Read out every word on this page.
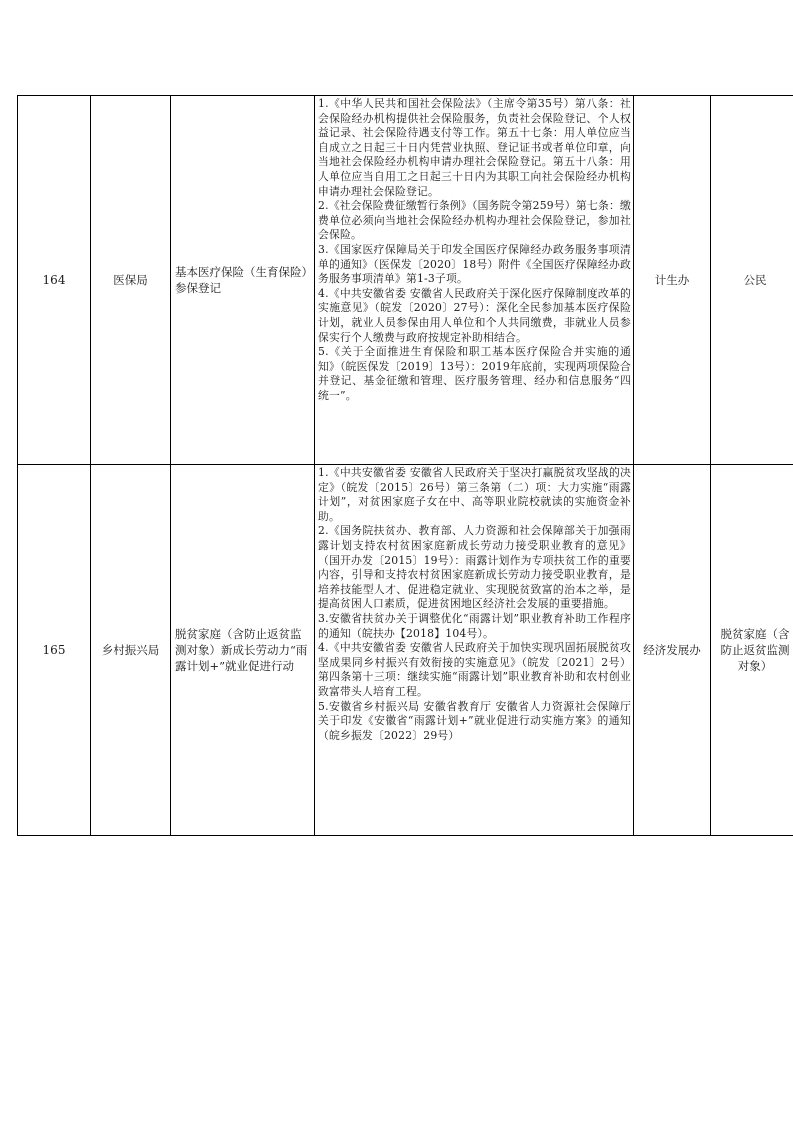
164	医保局	基本医疗保险（生育保险）参保登记	1.《中华人民共和国社会保险法》（主席令第35号）第八条：社会保险经办机构提供社会保险服务，负责社会保险登记、个人权益记录、社会保险待遇支付等工作。第五十七条：用人单位应当自成立之日起三十日内凭营业执照、登记证书或者单位印章，向当地社会保险经办机构申请办理社会保险登记。第五十八条：用人单位应当自用工之日起三十日内为其职工向社会保险经办机构申请办理社会保险登记。

2.《社会保险费征缴暂行条例》（国务院令第259号）第七条：缴费单位必须向当地社会保险经办机构办理社会保险登记，参加社会保险。

3.《国家医疗保障局关于印发全国医疗保障经办政务服务事项清单的通知》（医保发〔2020〕18号）附件《全国医疗保障经办政务服务事项清单》第1-3子项。

4.《中共安徽省委 安徽省人民政府关于深化医疗保障制度改革的实施意见》（皖发〔2020〕27号）：深化全民参加基本医疗保险计划，就业人员参保由用人单位和个人共同缴费，非就业人员参保实行个人缴费与政府按规定补助相结合。

5.《关于全面推进生育保险和职工基本医疗保险合并实施的通知》（皖医保发〔2019〕13号）：2019年底前，实现两项保险合并登记、基金征缴和管理、医疗服务管理、经办和信息服务“四统一”。	计生办	公民

165	乡村振兴局	脱贫家庭（含防止返贫监测对象）新成长劳动力“雨露计划+”就业促进行动	1.《中共安徽省委 安徽省人民政府关于坚决打赢脱贫攻坚战的决定》（皖发〔2015〕26号）第三条第（二）项：大力实施“雨露计划”，对贫困家庭子女在中、高等职业院校就读的实施资金补助。

2.《国务院扶贫办、教育部、人力资源和社会保障部关于加强雨露计划支持农村贫困家庭新成长劳动力接受职业教育的意见》（国开办发〔2015〕19号）：雨露计划作为专项扶贫工作的重要内容，引导和支持农村贫困家庭新成长劳动力接受职业教育，是培养技能型人才、促进稳定就业、实现脱贫致富的治本之举，是提高贫困人口素质，促进贫困地区经济社会发展的重要措施。

3.安徽省扶贫办关于调整优化“雨露计划”职业教育补助工作程序的通知（皖扶办【2018】104号）。

4.《中共安徽省委 安徽省人民政府关于加快实现巩固拓展脱贫攻坚成果同乡村振兴有效衔接的实施意见》（皖发〔2021〕2号）第四条第十三项：继续实施“雨露计划”职业教育补助和农村创业致富带头人培育工程。

5.安徽省乡村振兴局 安徽省教育厅 安徽省人力资源社会保障厅关于印发《安徽省“雨露计划+”就业促进行动实施方案》的通知（皖乡振发〔2022〕29号）	经济发展办	脱贫家庭（含防止返贫监测对象）
